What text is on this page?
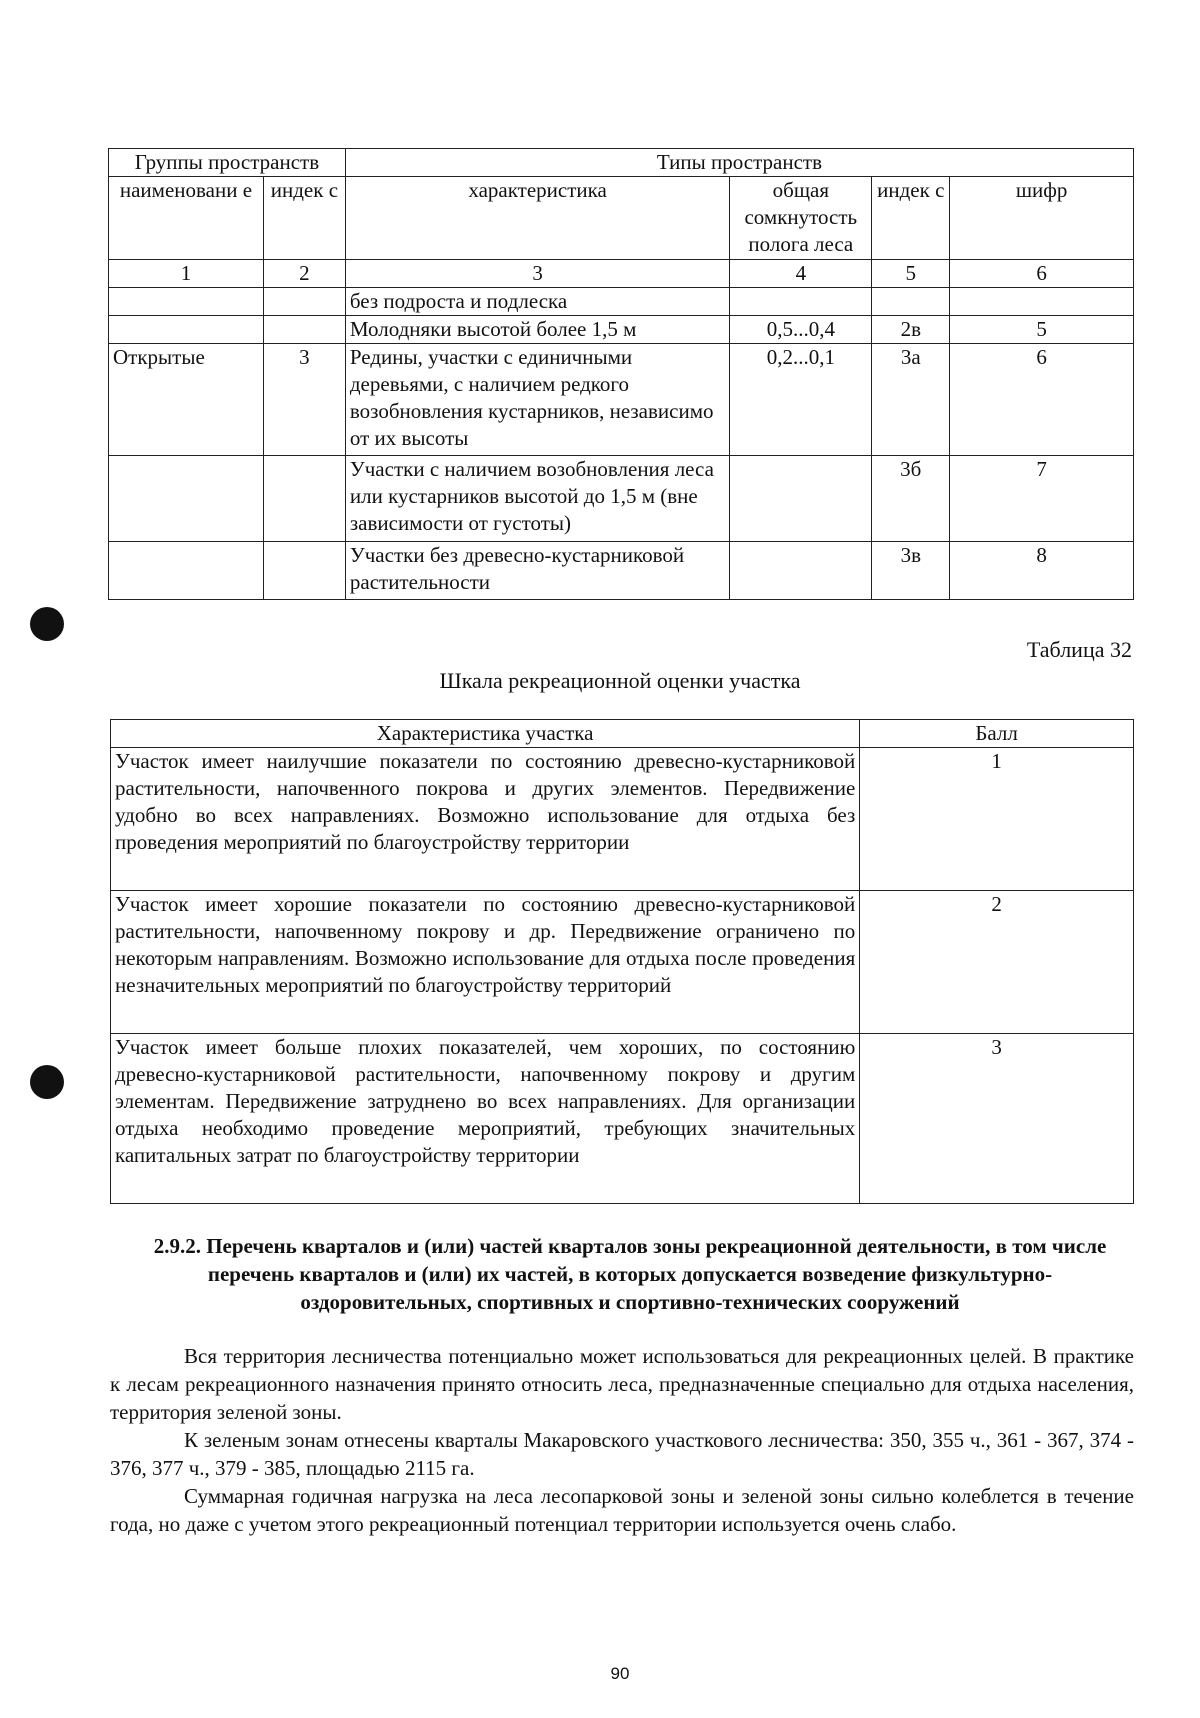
Группы пространств		Типы пространств			
наименовани е	индек с	характеристика	общая сомкнутость полога леса	индек с	шифр
1	2	3	4	5	6
		без подроста и подлеска			
		Молодняки высотой более 1,5 м	0,5...0,4	2в	5
Открытые	3	Редины, участки с единичными деревьями, с наличием редкого возобновления кустарников, независимо от их высоты	0,2...0,1	3а	6
		Участки с наличием возобновления леса или кустарников высотой до 1,5 м (вне зависимости от густоты)		3б	7
		Участки без древесно-кустарниковой растительности		3в	8
Таблица 32
Шкала рекреационной оценки участка
Характеристика участка	Балл
Участок имеет наилучшие показатели по состоянию древесно-кустарниковой растительности, напочвенного покрова и других элементов. Передвижение удобно во всех направлениях. Возможно использование для отдыха без проведения мероприятий по благоустройству территории	1
Участок имеет хорошие показатели по состоянию древесно-кустарниковой растительности, напочвенному покрову и др. Передвижение ограничено по некоторым направлениям. Возможно использование для отдыха после проведения незначительных мероприятий по благоустройству территорий	2
Участок имеет больше плохих показателей, чем хороших, по состоянию древесно-кустарниковой растительности, напочвенному покрову и другим элементам. Передвижение затруднено во всех направлениях. Для организации отдыха необходимо проведение мероприятий, требующих значительных капитальных затрат по благоустройству территории	3
2.9.2. Перечень кварталов и (или) частей кварталов зоны рекреационной деятельности, в том числе перечень кварталов и (или) их частей, в которых допускается возведение физкультурно-оздоровительных, спортивных и спортивно-технических сооружений
Вся территория лесничества потенциально может использоваться для рекреационных целей. В практике к лесам рекреационного назначения принято относить леса, предназначенные специально для отдыха населения, территория зеленой зоны.
К зеленым зонам отнесены кварталы Макаровского участкового лесничества: 350, 355 ч., 361 - 367, 374 - 376, 377 ч., 379 - 385, площадью 2115 га.
Суммарная годичная нагрузка на леса лесопарковой зоны и зеленой зоны сильно колеблется в течение года, но даже с учетом этого рекреационный потенциал территории используется очень слабо.
90
